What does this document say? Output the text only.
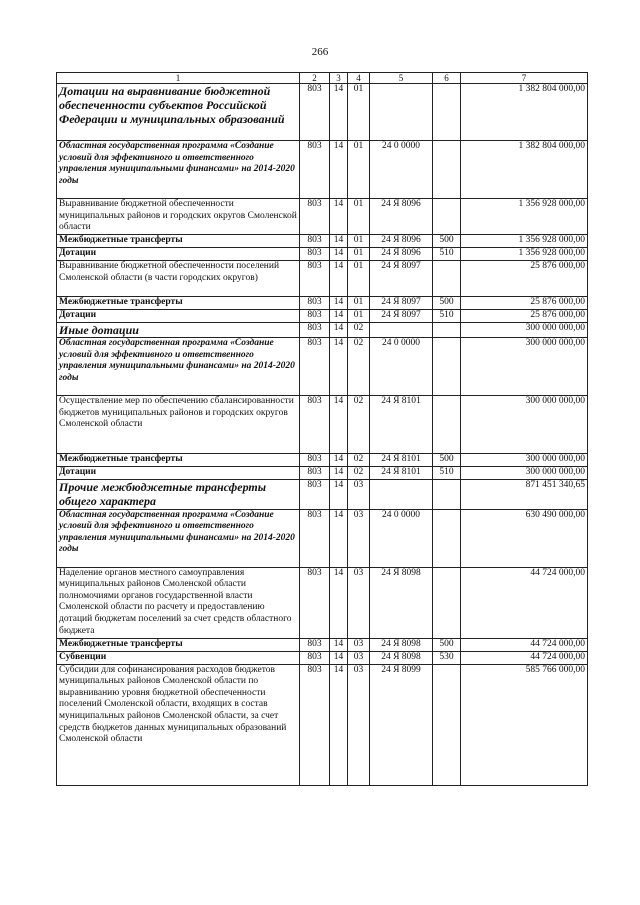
266
1	2	3	4	5	6	7
Дотации на выравнивание бюджетной обеспеченности субъектов Российской Федерации и муниципальных образований	803	14	01			1 382 804 000,00
Областная государственная программа «Создание условий для эффективного и ответственного управления муниципальными финансами» на 2014-2020 годы	803	14	01	24 0 0000		1 382 804 000,00
Выравнивание бюджетной обеспеченности муниципальных районов и городских округов Смоленской области	803	14	01	24 Я 8096		1 356 928 000,00
Межбюджетные трансферты	803	14	01	24 Я 8096	500	1 356 928 000,00
Дотации	803	14	01	24 Я 8096	510	1 356 928 000,00
Выравнивание бюджетной обеспеченности поселений Смоленской области (в части городских округов)	803	14	01	24 Я 8097		25 876 000,00
Межбюджетные трансферты	803	14	01	24 Я 8097	500	25 876 000,00
Дотации	803	14	01	24 Я 8097	510	25 876 000,00
Иные дотации	803	14	02			300 000 000,00
Областная государственная программа «Создание условий для эффективного и ответственного управления муниципальными финансами» на 2014-2020 годы	803	14	02	24 0 0000		300 000 000,00
Осуществление мер по обеспечению сбалансированности бюджетов муниципальных районов и городских округов Смоленской области	803	14	02	24 Я 8101		300 000 000,00
Межбюджетные трансферты	803	14	02	24 Я 8101	500	300 000 000,00
Дотации	803	14	02	24 Я 8101	510	300 000 000,00
Прочие межбюджетные трансферты общего характера	803	14	03			871 451 340,65
Областная государственная программа «Создание условий для эффективного и ответственного управления муниципальными финансами» на 2014-2020 годы	803	14	03	24 0 0000		630 490 000,00
Наделение органов местного самоуправления муниципальных районов Смоленской области полномочиями органов государственной власти Смоленской области по расчету и предоставлению дотаций бюджетам поселений за счет средств областного бюджета	803	14	03	24 Я 8098		44 724 000,00
Межбюджетные трансферты	803	14	03	24 Я 8098	500	44 724 000,00
Субвенции	803	14	03	24 Я 8098	530	44 724 000,00
Субсидии для софинансирования расходов бюджетов муниципальных районов Смоленской области по выравниванию уровня бюджетной обеспеченности поселений Смоленской области, входящих в состав муниципальных районов Смоленской области, за счет средств бюджетов данных муниципальных образований Смоленской области	803	14	03	24 Я 8099		585 766 000,00
